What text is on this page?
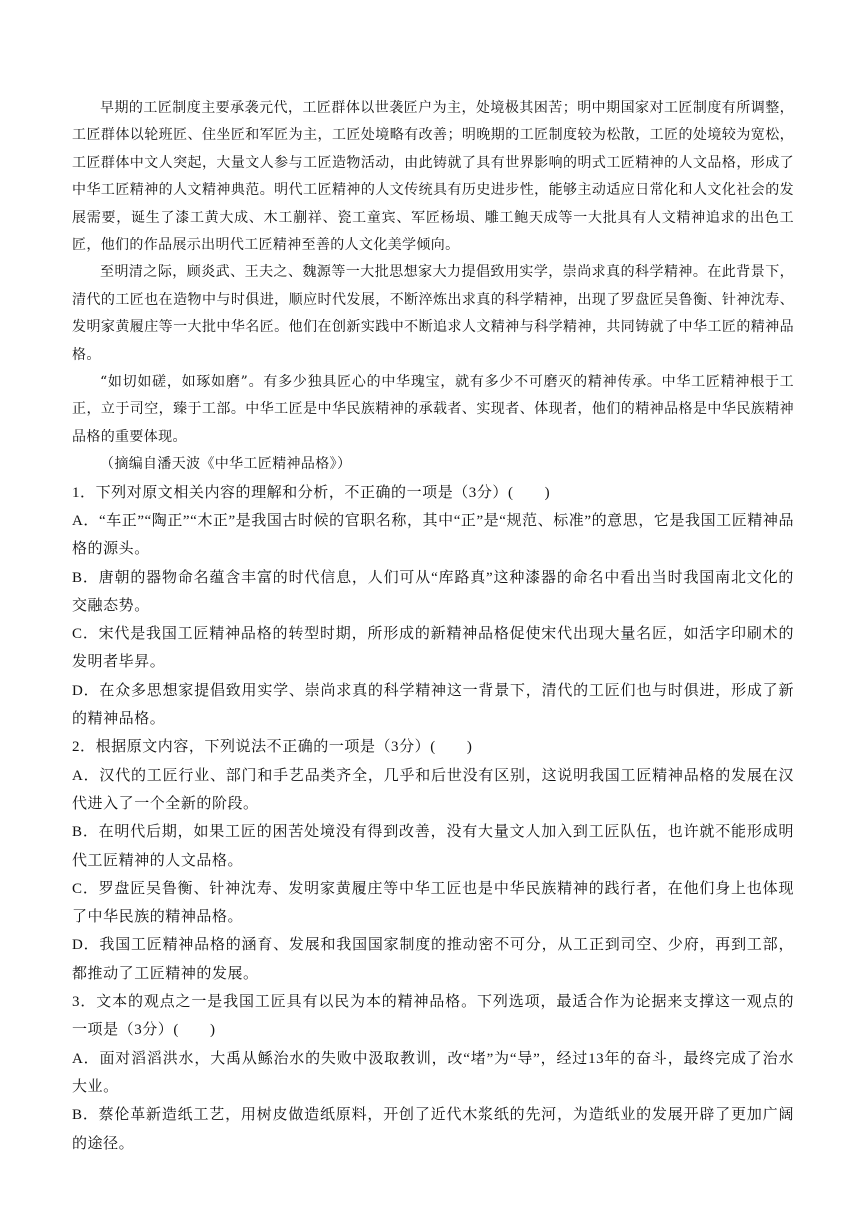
早期的工匠制度主要承袭元代，工匠群体以世袭匠户为主，处境极其困苦；明中期国家对工匠制度有所调整，工匠群体以轮班匠、住坐匠和军匠为主，工匠处境略有改善；明晚期的工匠制度较为松散，工匠的处境较为宽松，工匠群体中文人突起，大量文人参与工匠造物活动，由此铸就了具有世界影响的明式工匠精神的人文品格，形成了中华工匠精神的人文精神典范。明代工匠精神的人文传统具有历史进步性，能够主动适应日常化和人文化社会的发展需要，诞生了漆工黄大成、木工蒯祥、瓷工童宾、军匠杨埙、雕工鲍天成等一大批具有人文精神追求的出色工匠，他们的作品展示出明代工匠精神至善的人文化美学倾向。

至明清之际，顾炎武、王夫之、魏源等一大批思想家大力提倡致用实学，崇尚求真的科学精神。在此背景下，清代的工匠也在造物中与时俱进，顺应时代发展，不断淬炼出求真的科学精神，出现了罗盘匠吴鲁衡、针神沈寿、发明家黄履庄等一大批中华名匠。他们在创新实践中不断追求人文精神与科学精神，共同铸就了中华工匠的精神品格。

“如切如磋，如琢如磨”。有多少独具匠心的中华瑰宝，就有多少不可磨灭的精神传承。中华工匠精神根于工正，立于司空，臻于工部。中华工匠是中华民族精神的承载者、实现者、体现者，他们的精神品格是中华民族精神品格的重要体现。

（摘编自潘天波《中华工匠精神品格》）

1．下列对原文相关内容的理解和分析，不正确的一项是（3分）(　　)

A．“车正”“陶正”“木正”是我国古时候的官职名称，其中“正”是“规范、标准”的意思，它是我国工匠精神品格的源头。

B．唐朝的器物命名蕴含丰富的时代信息，人们可从“库路真”这种漆器的命名中看出当时我国南北文化的交融态势。

C．宋代是我国工匠精神品格的转型时期，所形成的新精神品格促使宋代出现大量名匠，如活字印刷术的发明者毕昇。

D．在众多思想家提倡致用实学、崇尚求真的科学精神这一背景下，清代的工匠们也与时俱进，形成了新的精神品格。

2．根据原文内容，下列说法不正确的一项是（3分）(　　)

A．汉代的工匠行业、部门和手艺品类齐全，几乎和后世没有区别，这说明我国工匠精神品格的发展在汉代进入了一个全新的阶段。

B．在明代后期，如果工匠的困苦处境没有得到改善，没有大量文人加入到工匠队伍，也许就不能形成明代工匠精神的人文品格。

C．罗盘匠吴鲁衡、针神沈寿、发明家黄履庄等中华工匠也是中华民族精神的践行者，在他们身上也体现了中华民族的精神品格。

D．我国工匠精神品格的涵育、发展和我国国家制度的推动密不可分，从工正到司空、少府，再到工部，都推动了工匠精神的发展。

3．文本的观点之一是我国工匠具有以民为本的精神品格。下列选项，最适合作为论据来支撑这一观点的一项是（3分）(　　)

A．面对滔滔洪水，大禹从鲧治水的失败中汲取教训，改“堵”为“导”，经过13年的奋斗，最终完成了治水大业。

B．蔡伦革新造纸工艺，用树皮做造纸原料，开创了近代木浆纸的先河，为造纸业的发展开辟了更加广阔的途径。
